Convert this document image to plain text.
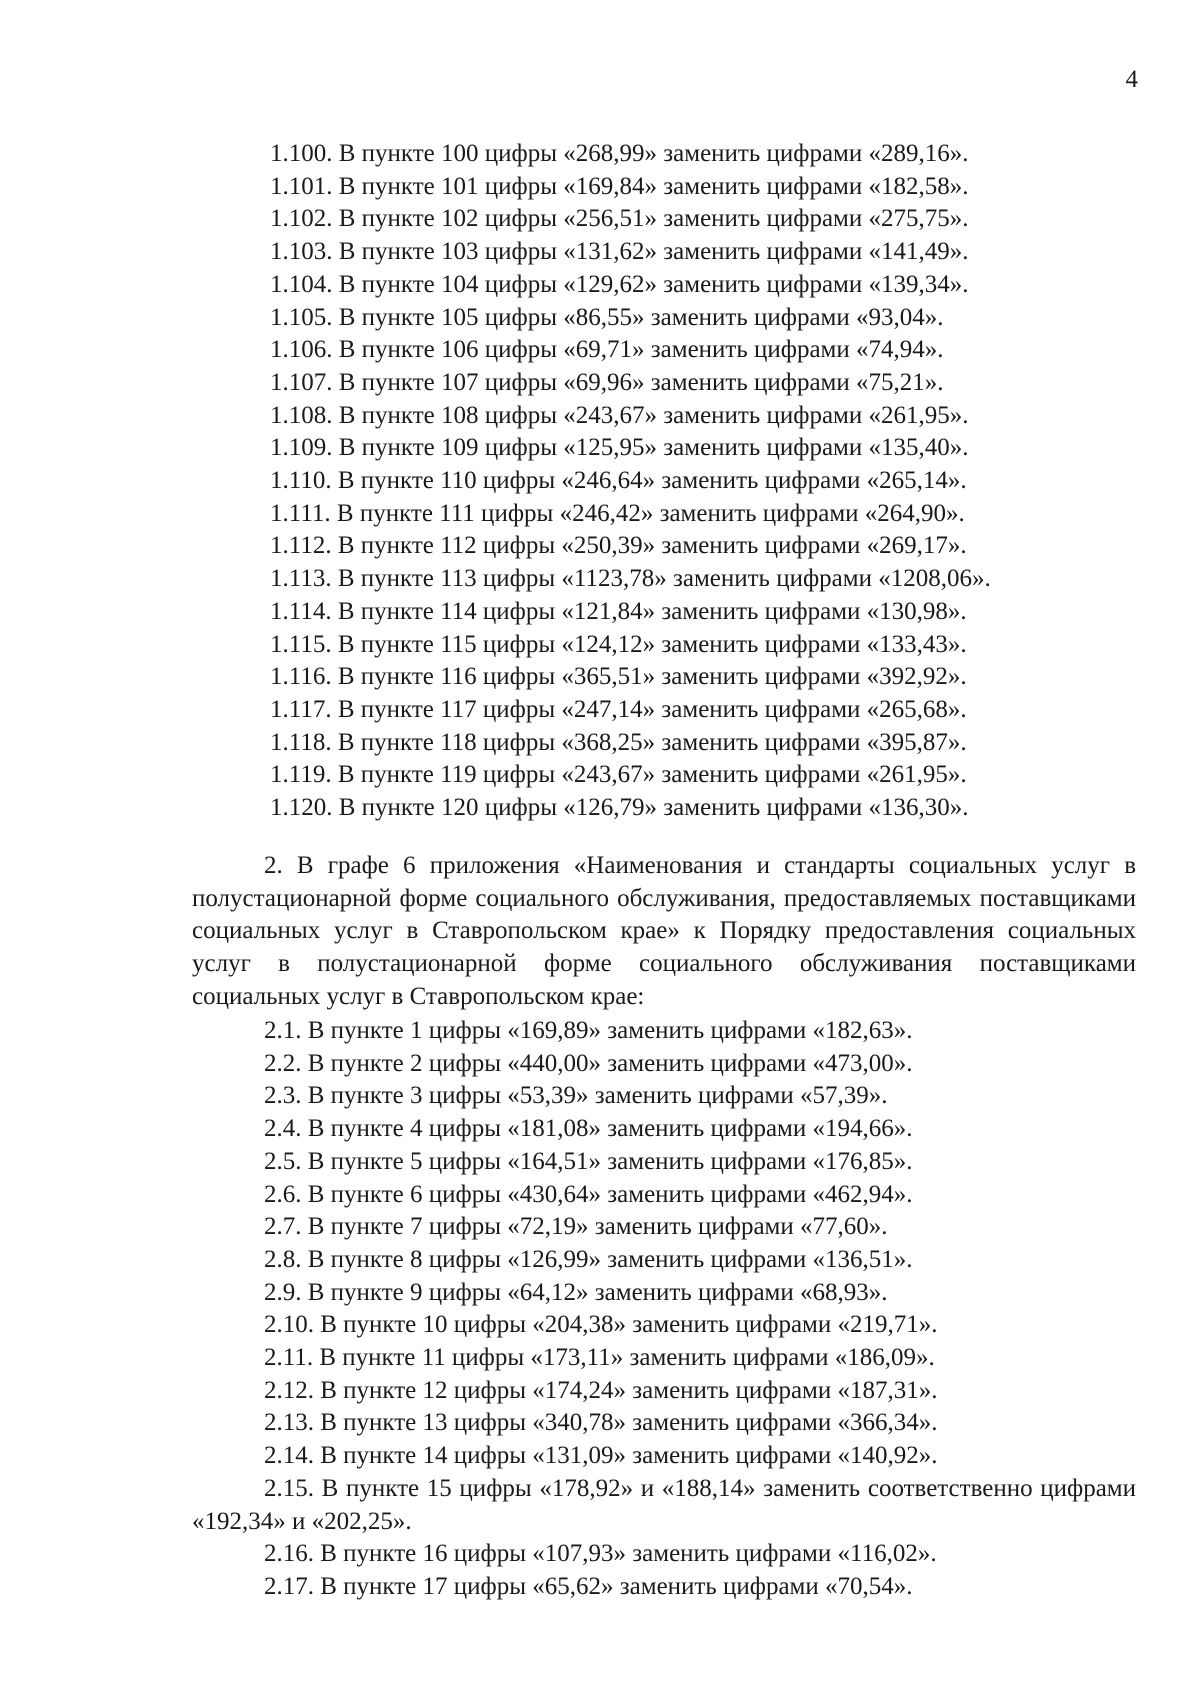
4
1.100. В пункте 100 цифры «268,99» заменить цифрами «289,16».
1.101. В пункте 101 цифры «169,84» заменить цифрами «182,58».
1.102. В пункте 102 цифры «256,51» заменить цифрами «275,75».
1.103. В пункте 103 цифры «131,62» заменить цифрами «141,49».
1.104. В пункте 104 цифры «129,62» заменить цифрами «139,34».
1.105. В пункте 105 цифры «86,55» заменить цифрами «93,04».
1.106. В пункте 106 цифры «69,71» заменить цифрами «74,94».
1.107. В пункте 107 цифры «69,96» заменить цифрами «75,21».
1.108. В пункте 108 цифры «243,67» заменить цифрами «261,95».
1.109. В пункте 109 цифры «125,95» заменить цифрами «135,40».
1.110. В пункте 110 цифры «246,64» заменить цифрами «265,14».
1.111. В пункте 111 цифры «246,42» заменить цифрами «264,90».
1.112. В пункте 112 цифры «250,39» заменить цифрами «269,17».
1.113. В пункте 113 цифры «1123,78» заменить цифрами «1208,06».
1.114. В пункте 114 цифры «121,84» заменить цифрами «130,98».
1.115. В пункте 115 цифры «124,12» заменить цифрами «133,43».
1.116. В пункте 116 цифры «365,51» заменить цифрами «392,92».
1.117. В пункте 117 цифры «247,14» заменить цифрами «265,68».
1.118. В пункте 118 цифры «368,25» заменить цифрами «395,87».
1.119. В пункте 119 цифры «243,67» заменить цифрами «261,95».
1.120. В пункте 120 цифры «126,79» заменить цифрами «136,30».
2. В графе 6 приложения «Наименования и стандарты социальных услуг в полустационарной форме социального обслуживания, предоставляемых поставщиками социальных услуг в Ставропольском крае» к Порядку предоставления социальных услуг в полустационарной форме социального обслуживания поставщиками социальных услуг в Ставропольском крае:
2.1. В пункте 1 цифры «169,89» заменить цифрами «182,63».
2.2. В пункте 2 цифры «440,00» заменить цифрами «473,00».
2.3. В пункте 3 цифры «53,39» заменить цифрами «57,39».
2.4. В пункте 4 цифры «181,08» заменить цифрами «194,66».
2.5. В пункте 5 цифры «164,51» заменить цифрами «176,85».
2.6. В пункте 6 цифры «430,64» заменить цифрами «462,94».
2.7. В пункте 7 цифры «72,19» заменить цифрами «77,60».
2.8. В пункте 8 цифры «126,99» заменить цифрами «136,51».
2.9. В пункте 9 цифры «64,12» заменить цифрами «68,93».
2.10. В пункте 10 цифры «204,38» заменить цифрами «219,71».
2.11. В пункте 11 цифры «173,11» заменить цифрами «186,09».
2.12. В пункте 12 цифры «174,24» заменить цифрами «187,31».
2.13. В пункте 13 цифры «340,78» заменить цифрами «366,34».
2.14. В пункте 14 цифры «131,09» заменить цифрами «140,92».
2.15. В пункте 15 цифры «178,92» и «188,14» заменить соответственно цифрами «192,34» и «202,25».
2.16. В пункте 16 цифры «107,93» заменить цифрами «116,02».
2.17. В пункте 17 цифры «65,62» заменить цифрами «70,54».
